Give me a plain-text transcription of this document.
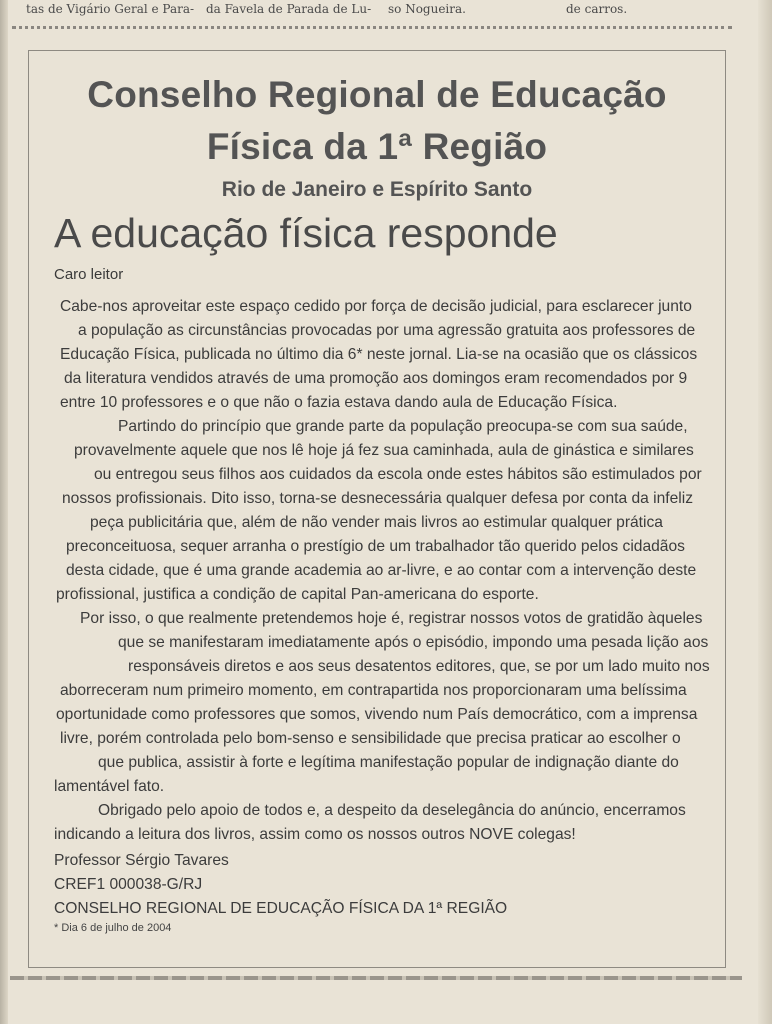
tas de Vigário Geral e Para- da Favela de Parada de Lu- so Nogueira.	de carros.
Conselho Regional de Educação
Física da 1ª Região
Rio de Janeiro e Espírito Santo
A educação física responde
Caro leitor
Cabe-nos aproveitar este espaço cedido por força de decisão judicial, para esclarecer junto
a população as circunstâncias provocadas por uma agressão gratuita aos professores de
Educação Física, publicada no último dia 6* neste jornal. Lia-se na ocasião que os clássicos
da literatura vendidos através de uma promoção aos domingos eram recomendados por 9
entre 10 professores e o que não o fazia estava dando aula de Educação Física.
Partindo do princípio que grande parte da população preocupa-se com sua saúde,
provavelmente aquele que nos lê hoje já fez sua caminhada, aula de ginástica e similares
ou entregou seus filhos aos cuidados da escola onde estes hábitos são estimulados por
nossos profissionais. Dito isso, torna-se desnecessária qualquer defesa por conta da infeliz
peça publicitária que, além de não vender mais livros ao estimular qualquer prática
preconceituosa, sequer arranha o prestígio de um trabalhador tão querido pelos cidadãos
desta cidade, que é uma grande academia ao ar-livre, e ao contar com a intervenção deste
profissional, justifica a condição de capital Pan-americana do esporte.
Por isso, o que realmente pretendemos hoje é, registrar nossos votos de gratidão àqueles
que se manifestaram imediatamente após o episódio, impondo uma pesada lição aos
responsáveis diretos e aos seus desatentos editores, que, se por um lado muito nos
aborreceram num primeiro momento, em contrapartida nos proporcionaram uma belíssima
oportunidade como professores que somos, vivendo num País democrático, com a imprensa
livre, porém controlada pelo bom-senso e sensibilidade que precisa praticar ao escolher o
que publica, assistir à forte e legítima manifestação popular de indignação diante do
lamentável fato.
Obrigado pelo apoio de todos e, a despeito da deselegância do anúncio, encerramos
indicando a leitura dos livros, assim como os nossos outros NOVE colegas!
Professor Sérgio Tavares
CREF1 000038-G/RJ
CONSELHO REGIONAL DE EDUCAÇÃO FÍSICA DA 1ª REGIÃO
* Dia 6 de julho de 2004
